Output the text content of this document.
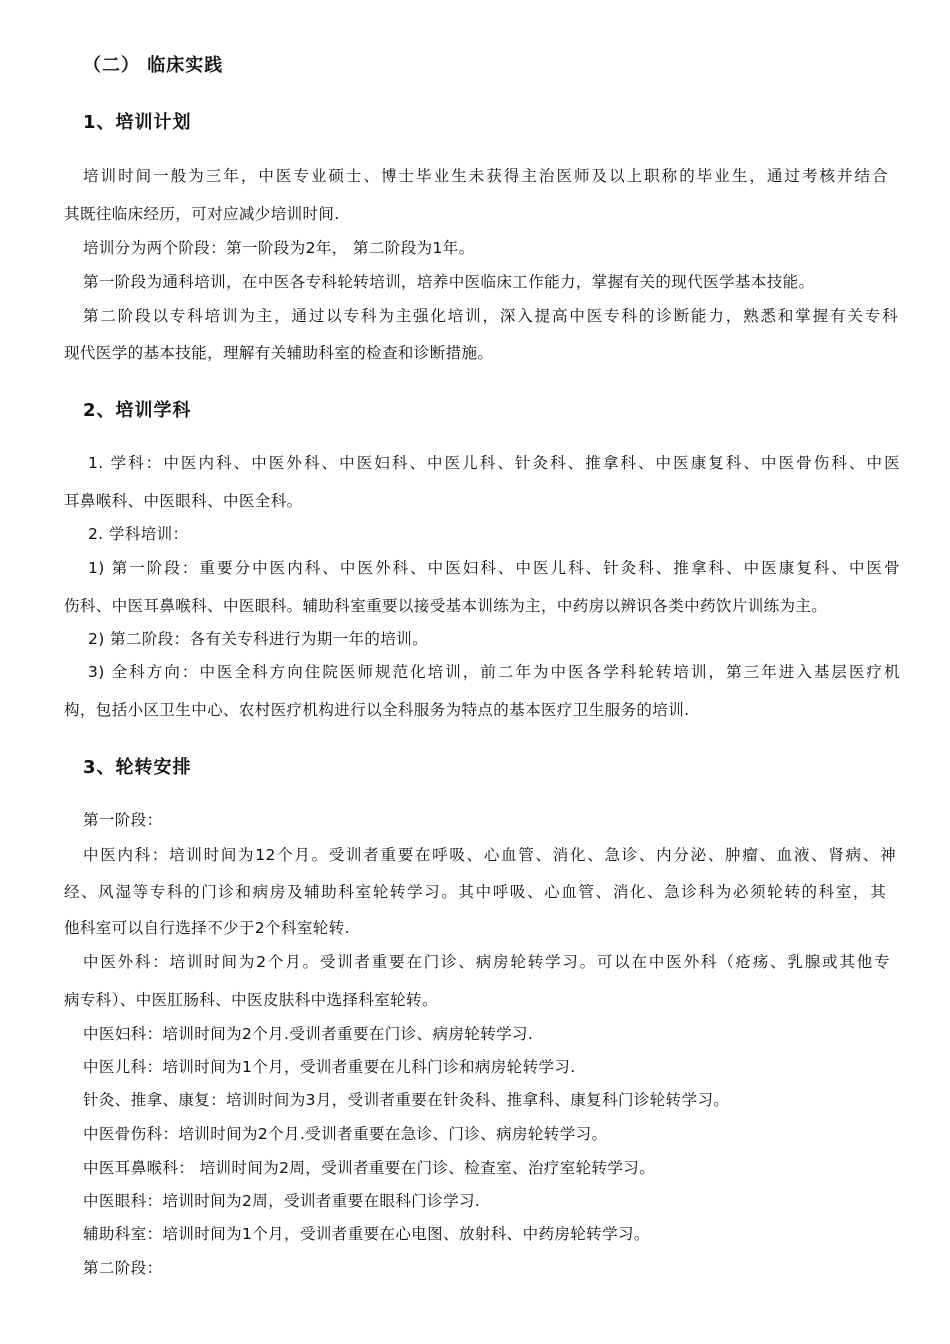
（二） 临床实践
1、培训计划
培训时间一般为三年，中医专业硕士、博士毕业生未获得主治医师及以上职称的毕业生，通过考核并结合
其既往临床经历，可对应减少培训时间.
培训分为两个阶段：第一阶段为2年， 第二阶段为1年。
第一阶段为通科培训，在中医各专科轮转培训，培养中医临床工作能力，掌握有关的现代医学基本技能。
第二阶段以专科培训为主，通过以专科为主强化培训，深入提高中医专科的诊断能力，熟悉和掌握有关专科
现代医学的基本技能，理解有关辅助科室的检查和诊断措施。
2、培训学科
1. 学科：中医内科、中医外科、中医妇科、中医儿科、针灸科、推拿科、中医康复科、中医骨伤科、中医
耳鼻喉科、中医眼科、中医全科。
2. 学科培训：
1) 第一阶段：重要分中医内科、中医外科、中医妇科、中医儿科、针灸科、推拿科、中医康复科、中医骨
伤科、中医耳鼻喉科、中医眼科。辅助科室重要以接受基本训练为主，中药房以辨识各类中药饮片训练为主。
2) 第二阶段：各有关专科进行为期一年的培训。
3) 全科方向：中医全科方向住院医师规范化培训，前二年为中医各学科轮转培训，第三年进入基层医疗机
构，包括小区卫生中心、农村医疗机构进行以全科服务为特点的基本医疗卫生服务的培训.
3、轮转安排
第一阶段：
中医内科：培训时间为12个月。受训者重要在呼吸、心血管、消化、急诊、内分泌、肿瘤、血液、肾病、神
经、风湿等专科的门诊和病房及辅助科室轮转学习。其中呼吸、心血管、消化、急诊科为必须轮转的科室，其
他科室可以自行选择不少于2个科室轮转.
中医外科：培训时间为2个月。受训者重要在门诊、病房轮转学习。可以在中医外科（疮疡、乳腺或其他专
病专科）、中医肛肠科、中医皮肤科中选择科室轮转。
中医妇科：培训时间为2个月.受训者重要在门诊、病房轮转学习.
中医儿科：培训时间为1个月，受训者重要在儿科门诊和病房轮转学习.
针灸、推拿、康复：培训时间为3月，受训者重要在针灸科、推拿科、康复科门诊轮转学习。
中医骨伤科：培训时间为2个月.受训者重要在急诊、门诊、病房轮转学习。
中医耳鼻喉科： 培训时间为2周，受训者重要在门诊、检查室、治疗室轮转学习。
中医眼科：培训时间为2周，受训者重要在眼科门诊学习.
辅助科室：培训时间为1个月，受训者重要在心电图、放射科、中药房轮转学习。
第二阶段：
